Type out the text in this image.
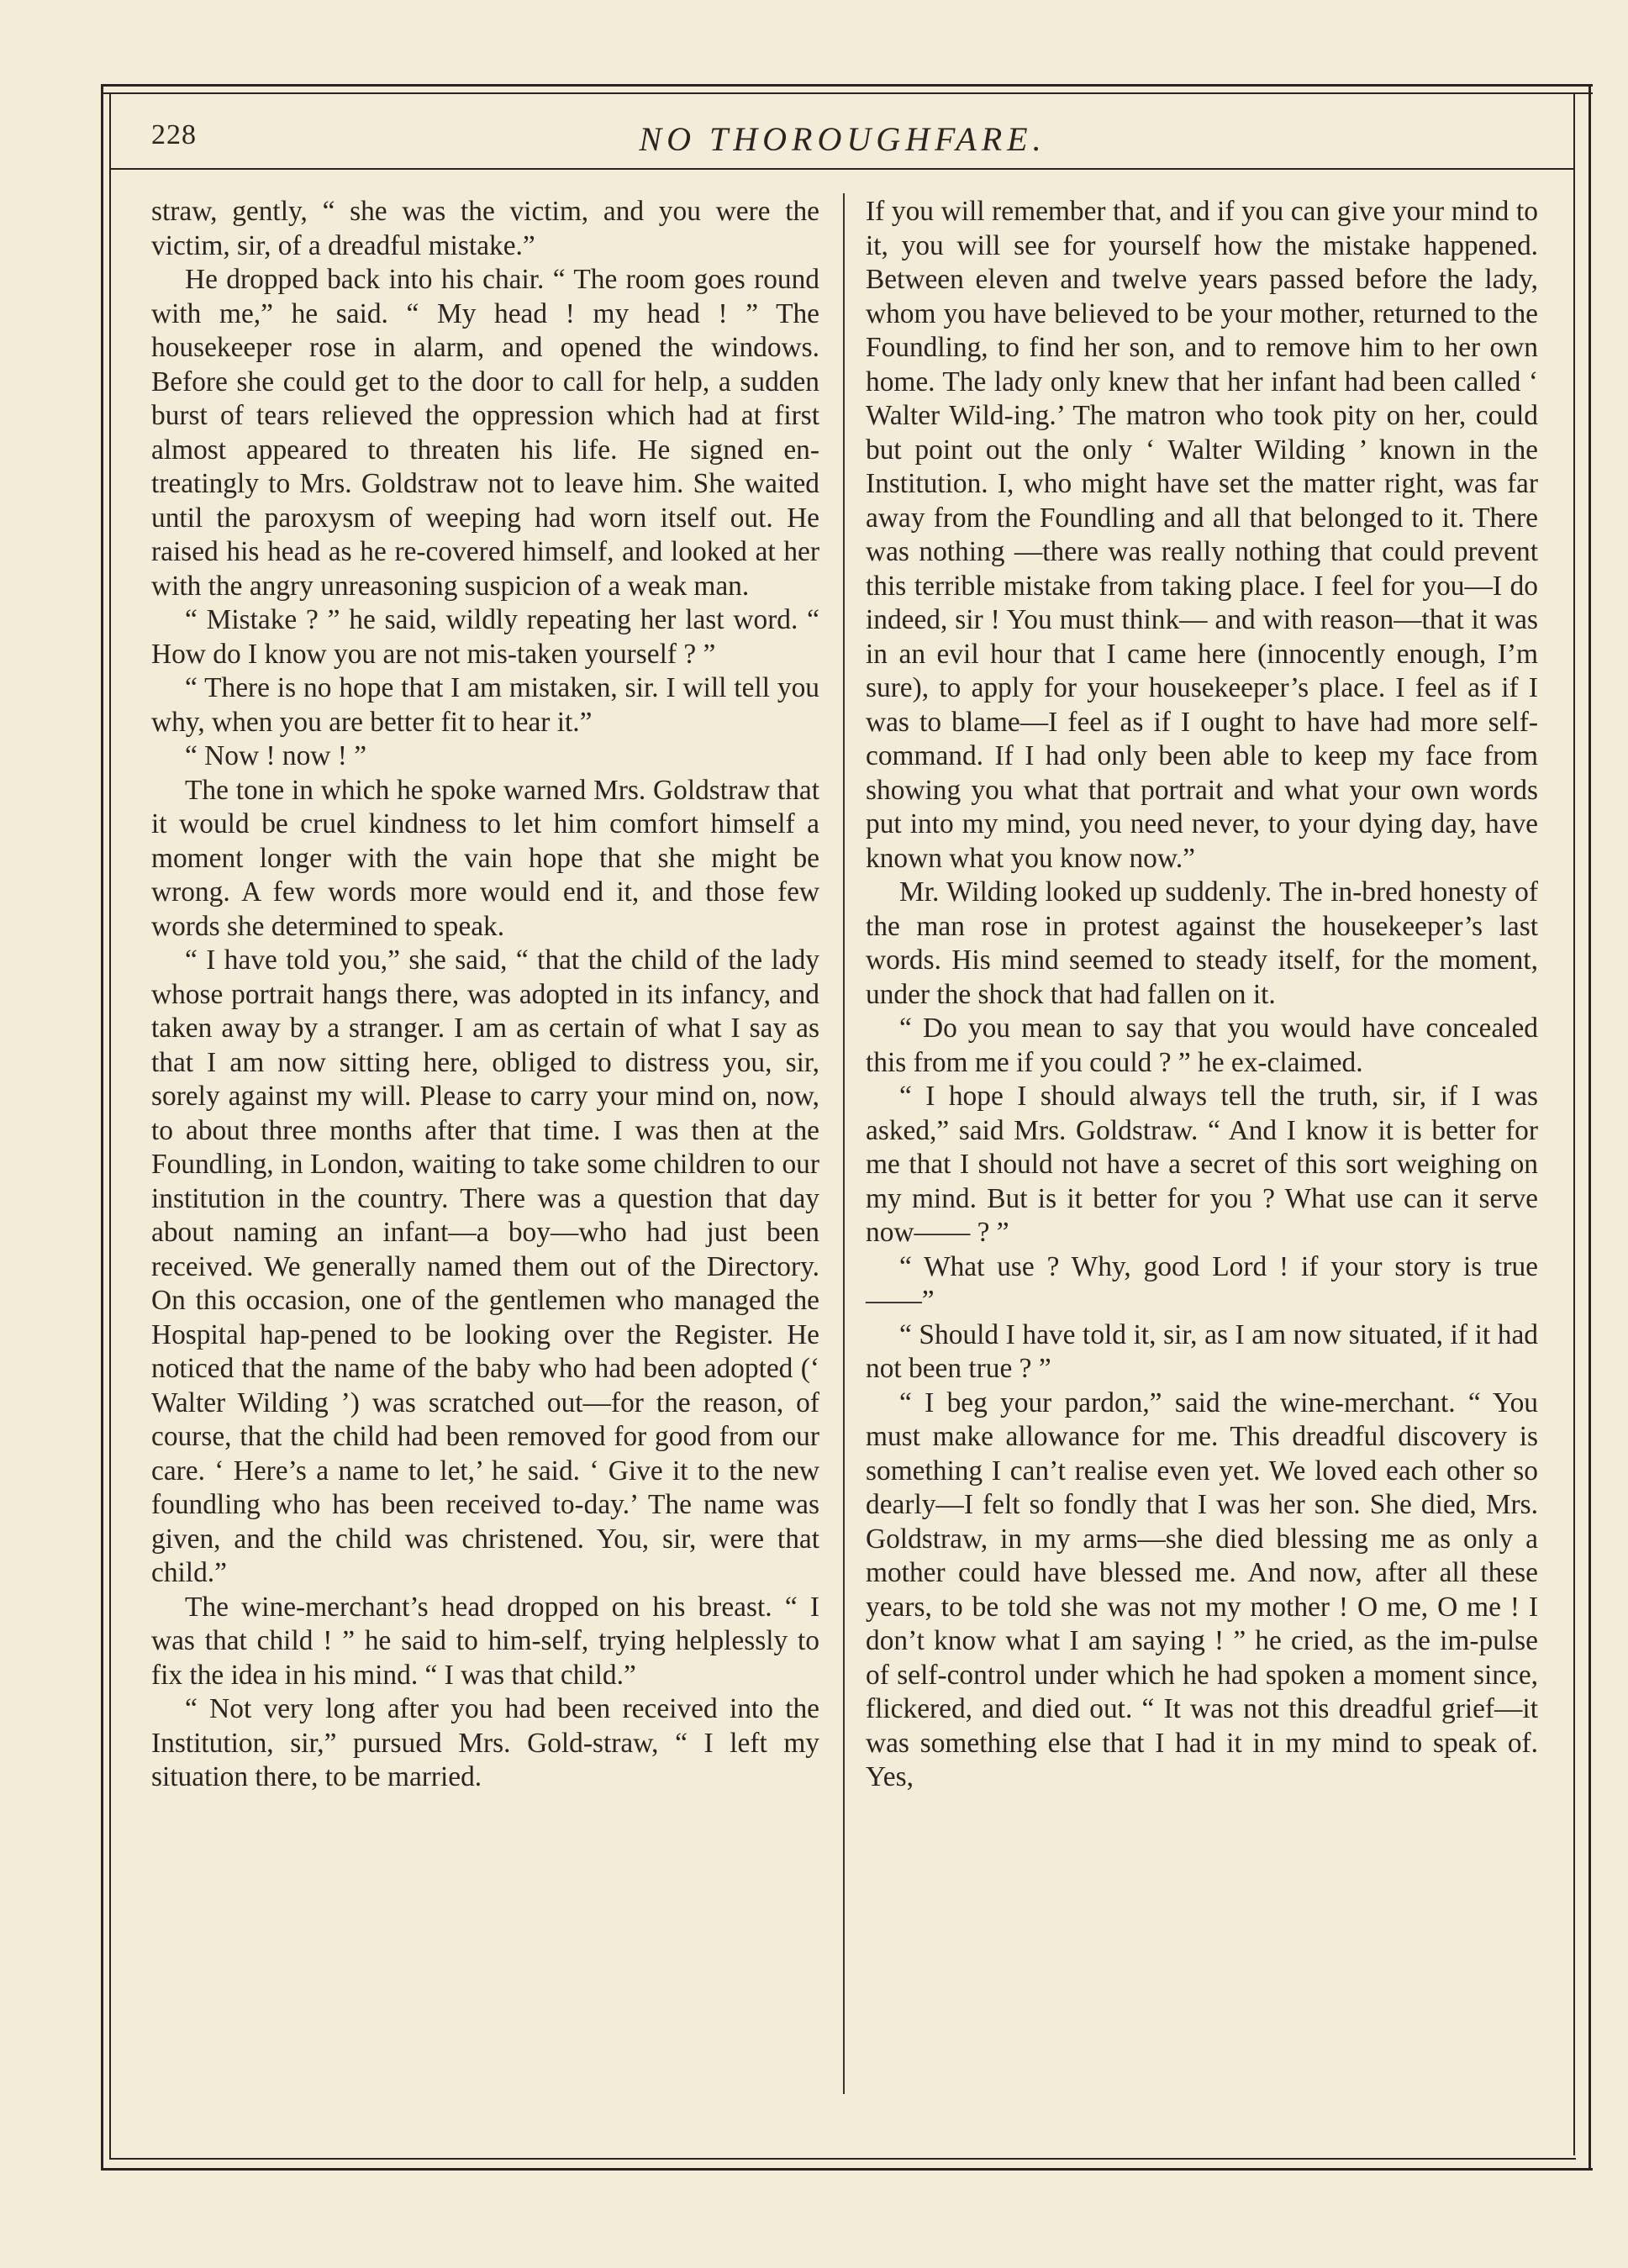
228	NO THOROUGHFARE.

straw, gently, “ she was the victim, and you were the victim, sir, of a dreadful mistake.”

He dropped back into his chair. “ The room goes round with me,” he said. “ My head ! my head ! ” The housekeeper rose in alarm, and opened the windows. Before she could get to the door to call for help, a sudden burst of tears relieved the oppression which had at first almost appeared to threaten his life. He signed en-treatingly to Mrs. Goldstraw not to leave him. She waited until the paroxysm of weeping had worn itself out. He raised his head as he re-covered himself, and looked at her with the angry unreasoning suspicion of a weak man.

“ Mistake ? ” he said, wildly repeating her last word. “ How do I know you are not mis-taken yourself ? ”

“ There is no hope that I am mistaken, sir. I will tell you why, when you are better fit to hear it.”

“ Now ! now ! ”

The tone in which he spoke warned Mrs. Goldstraw that it would be cruel kindness to let him comfort himself a moment longer with the vain hope that she might be wrong. A few words more would end it, and those few words she determined to speak.

“ I have told you,” she said, “ that the child of the lady whose portrait hangs there, was adopted in its infancy, and taken away by a stranger. I am as certain of what I say as that I am now sitting here, obliged to distress you, sir, sorely against my will. Please to carry your mind on, now, to about three months after that time. I was then at the Foundling, in London, waiting to take some children to our institution in the country. There was a question that day about naming an infant—a boy—who had just been received. We generally named them out of the Directory. On this occasion, one of the gentlemen who managed the Hospital hap-pened to be looking over the Register. He noticed that the name of the baby who had been adopted (‘ Walter Wilding ’) was scratched out—for the reason, of course, that the child had been removed for good from our care. ‘ Here’s a name to let,’ he said. ‘ Give it to the new foundling who has been received to-day.’ The name was given, and the child was christened. You, sir, were that child.”

The wine-merchant’s head dropped on his breast. “ I was that child ! ” he said to him-self, trying helplessly to fix the idea in his mind. “ I was that child.”

“ Not very long after you had been received into the Institution, sir,” pursued Mrs. Gold-straw, “ I left my situation there, to be married.

If you will remember that, and if you can give your mind to it, you will see for yourself how the mistake happened. Between eleven and twelve years passed before the lady, whom you have believed to be your mother, returned to the Foundling, to find her son, and to remove him to her own home. The lady only knew that her infant had been called ‘ Walter Wild-ing.’ The matron who took pity on her, could but point out the only ‘ Walter Wilding ’ known in the Institution. I, who might have set the matter right, was far away from the Foundling and all that belonged to it. There was nothing —there was really nothing that could prevent this terrible mistake from taking place. I feel for you—I do indeed, sir ! You must think— and with reason—that it was in an evil hour that I came here (innocently enough, I’m sure), to apply for your housekeeper’s place. I feel as if I was to blame—I feel as if I ought to have had more self-command. If I had only been able to keep my face from showing you what that portrait and what your own words put into my mind, you need never, to your dying day, have known what you know now.”

Mr. Wilding looked up suddenly. The in-bred honesty of the man rose in protest against the housekeeper’s last words. His mind seemed to steady itself, for the moment, under the shock that had fallen on it.

“ Do you mean to say that you would have concealed this from me if you could ? ” he ex-claimed.

“ I hope I should always tell the truth, sir, if I was asked,” said Mrs. Goldstraw. “ And I know it is better for me that I should not have a secret of this sort weighing on my mind. But is it better for you ? What use can it serve now—— ? ”

“ What use ? Why, good Lord ! if your story is true——”

“ Should I have told it, sir, as I am now situated, if it had not been true ? ”

“ I beg your pardon,” said the wine-merchant. “ You must make allowance for me. This dreadful discovery is something I can’t realise even yet. We loved each other so dearly—I felt so fondly that I was her son. She died, Mrs. Goldstraw, in my arms—she died blessing me as only a mother could have blessed me. And now, after all these years, to be told she was not my mother ! O me, O me ! I don’t know what I am saying ! ” he cried, as the im-pulse of self-control under which he had spoken a moment since, flickered, and died out. “ It was not this dreadful grief—it was something else that I had it in my mind to speak of. Yes,
